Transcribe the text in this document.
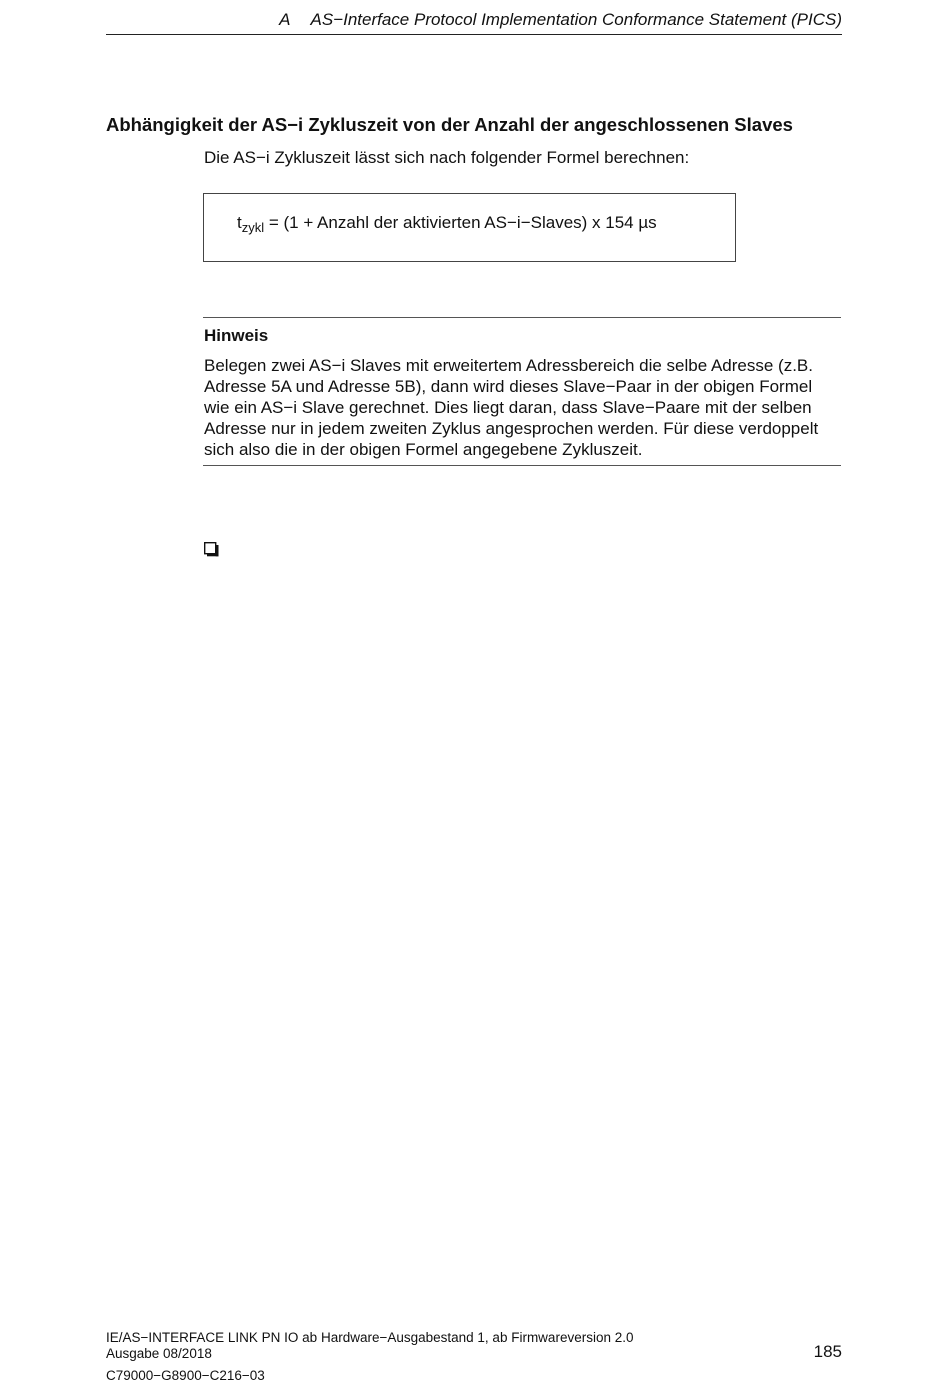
A AS−Interface Protocol Implementation Conformance Statement (PICS)
Abhängigkeit der AS−i Zykluszeit von der Anzahl der angeschlossenen Slaves
Die AS−i Zykluszeit lässt sich nach folgender Formel berechnen:
$t_{zykl} = (1$ + Anzahl der aktivierten AS−i−Slaves) x 154 µs
Hinweis
Belegen zwei AS−i Slaves mit erweitertem Adressbereich die selbe Adresse (z.B. Adresse 5A und Adresse 5B), dann wird dieses Slave−Paar in der obigen Formel wie ein AS−i Slave gerechnet. Dies liegt daran, dass Slave−Paare mit der selben Adresse nur in jedem zweiten Zyklus angesprochen werden. Für diese verdoppelt sich also die in der obigen Formel angegebene Zykluszeit.
IE/AS−INTERFACE LINK PN IO ab Hardware−Ausgabestand 1, ab Firmwareversion 2.0
Ausgabe 08/2018
C79000−G8900−C216−03
185
